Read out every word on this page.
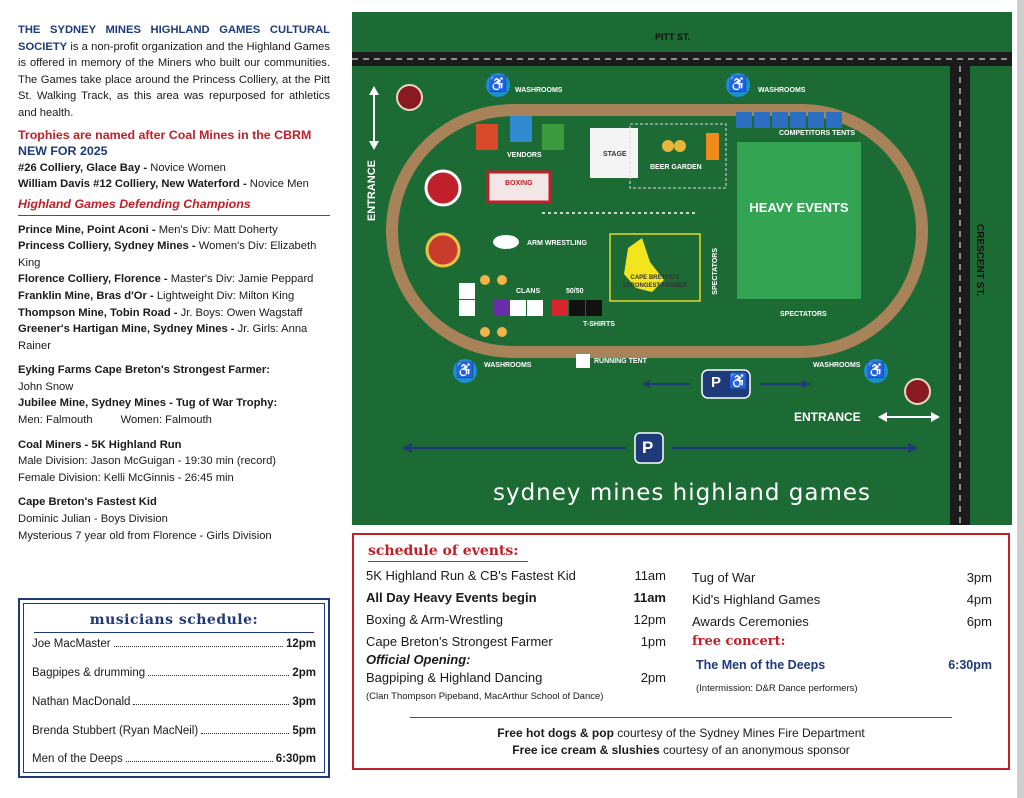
THE SYDNEY MINES HIGHLAND GAMES CULTURAL SOCIETY is a non-profit organization and the Highland Games is offered in memory of the Miners who built our communities. The Games take place around the Princess Colliery, at the Pitt St. Walking Track, as this area was repurposed for athletics and health.

Trophies are named after Coal Mines in the CBRM
NEW FOR 2025

#26 Colliery, Glace Bay - Novice Women

William Davis #12 Colliery, New Waterford - Novice Men

Highland Games Defending Champions

Prince Mine, Point Aconi - Men's Div: Matt Doherty

Princess Colliery, Sydney Mines - Women's Div: Elizabeth King

Florence Colliery, Florence - Master's Div: Jamie Peppard

Franklin Mine, Bras d'Or - Lightweight Div: Milton King

Thompson Mine, Tobin Road - Jr. Boys: Owen Wagstaff

Greener's Hartigan Mine, Sydney Mines - Jr. Girls: Anna Rainer

Eyking Farms Cape Breton's Strongest Farmer:

John Snow

Jubilee Mine, Sydney Mines - Tug of War Trophy:

Men: Falmouth	Women: Falmouth

Coal Miners - 5K Highland Run

Male Division: Jason McGuigan - 19:30 min (record)

Female Division: Kelli McGinnis - 26:45 min

Cape Breton's Fastest Kid

Dominic Julian - Boys Division

Mysterious 7 year old from Florence - Girls Division

musicians schedule:
Joe MacMaster	12pm
Bagpipes & drumming	2pm
Nathan MacDonald	3pm
Brenda Stubbert (Ryan MacNeil)	5pm
Men of the Deeps	6:30pm
PITT ST.
CRESCENT ST.
ENTRANCE
ENTRANCE
♿	WASHROOMS	♿	WASHROOMS
♿	WASHROOMS	♿
WASHROOMS
VENDORS	STAGE
BEER GARDEN
COMPETITORS TENTS
HEAVY EVENTS
BOXING
ARM WRESTLING
CAPE BRETON'S STRONGEST FARMER	SPECTATORS
SPECTATORS
CLANS	50/50
T-SHIRTS
RUNNING TENT
P ♿
P
sydney mines highland games
schedule of events:
5K Highland Run & CB's Fastest Kid	11am
All Day Heavy Events begin	11am
Boxing & Arm-Wrestling	12pm
Cape Breton's Strongest Farmer	1pm
Official Opening:
Bagpiping & Highland Dancing	2pm
(Clan Thompson Pipeband, MacArthur School of Dance)
Tug of War	3pm
Kid's Highland Games	4pm
Awards Ceremonies	6pm
free concert:
The Men of the Deeps	6:30pm
(Intermission: D&R Dance performers)
Free hot dogs & pop courtesy of the Sydney Mines Fire Department
Free ice cream & slushies courtesy of an anonymous sponsor
